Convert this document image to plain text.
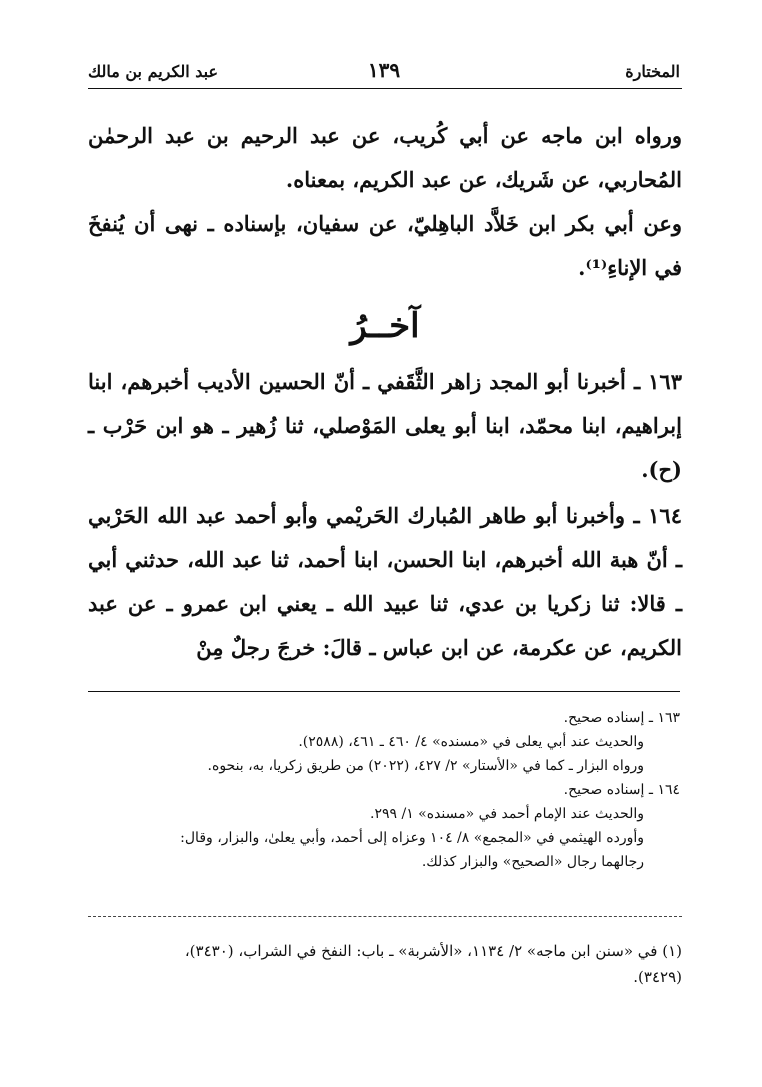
المختارة
١٣٩
عبد الكريم بن مالك

ورواه ابن ماجه عن أبي كُريب، عن عبد الرحيم بن عبد الرحمٰن المُحاربي، عن شَريك، عن عبد الكريم، بمعناه.

وعن أبي بكر ابن خَلاَّد الباهِليّ، عن سفيان، بإسناده ـ نهى أن يُنفخَ في الإناءِ⁽¹⁾.

آخــرُ

١٦٣ ـ أخبرنا أبو المجد زاهر الثَّقَفي ـ أنّ الحسين الأديب أخبرهم، ابنا إبراهيم، ابنا محمّد، ابنا أبو يعلى المَوْصلي، ثنا زُهير ـ هو ابن حَرْب ـ (ح).

١٦٤ ـ وأخبرنا أبو طاهر المُبارك الحَريْمي وأبو أحمد عبد الله الحَرْبي ـ أنّ هبة الله أخبرهم، ابنا الحسن، ابنا أحمد، ثنا عبد الله، حدثني أبي ـ قالا: ثنا زكريا بن عدي، ثنا عبيد الله ـ يعني ابن عمرو ـ عن عبد الكريم، عن عكرمة، عن ابن عباس ـ قالَ: خرجَ رجلٌ مِنْ

١٦٣ ـ إسناده صحيح.

والحديث عند أبي يعلى في «مسنده» ٤/ ٤٦٠ ـ ٤٦١، (٢٥٨٨).

ورواه البزار ـ كما في «الأستار» ٢/ ٤٢٧، (٢٠٢٢) من طريق زكريا، به، بنحوه.

١٦٤ ـ إسناده صحيح.

والحديث عند الإمام أحمد في «مسنده» ١/ ٢٩٩.

وأورده الهيثمي في «المجمع» ٨/ ١٠٤ وعزاه إلى أحمد، وأبي يعلىٰ، والبزار، وقال:

رجالهما رجال «الصحيح» والبزار كذلك.

(١) في «سنن ابن ماجه» ٢/ ١١٣٤، «الأشربة» ـ باب: النفخ في الشراب، (٣٤٣٠)،

(٣٤٢٩).
